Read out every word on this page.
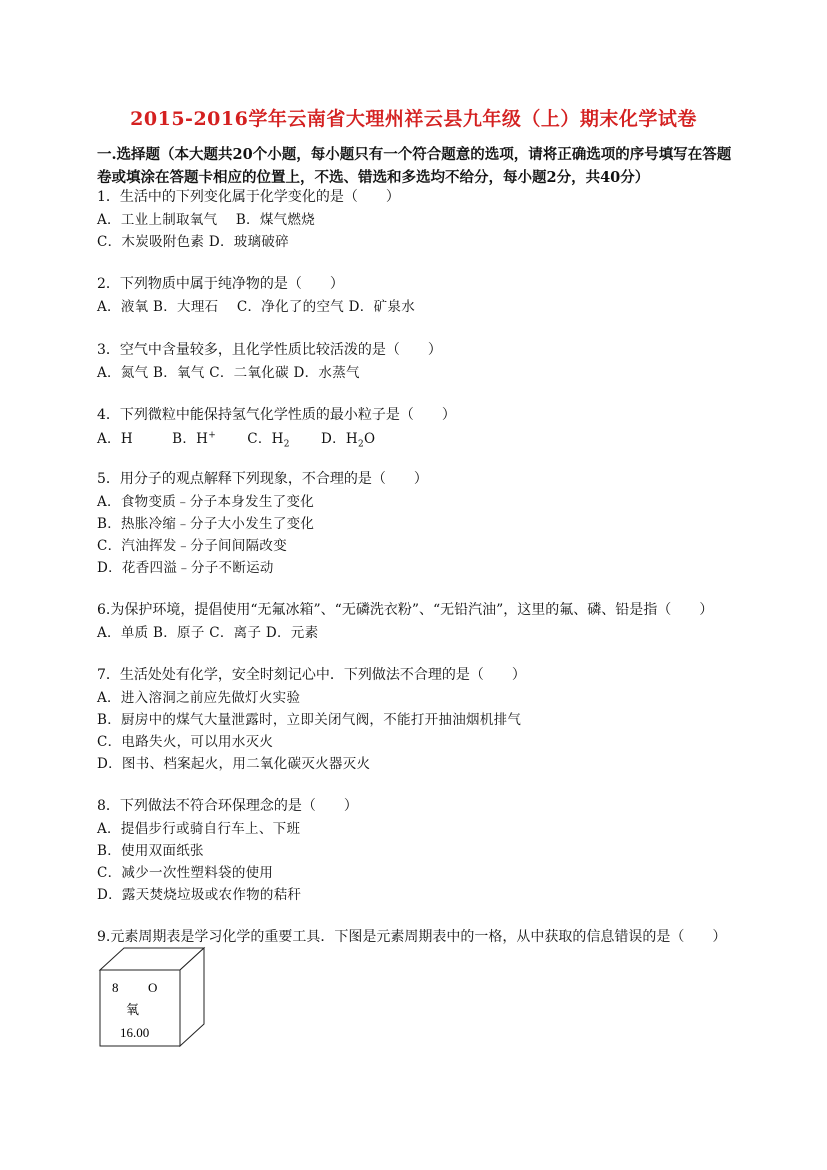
2015-2016学年云南省大理州祥云县九年级（上）期末化学试卷
一.选择题（本大题共20个小题，每小题只有一个符合题意的选项，请将正确选项的序号填写在答题卷或填涂在答题卡相应的位置上，不选、错选和多选均不给分，每小题2分，共40分）
1．生活中的下列变化属于化学变化的是（　　）
A．工业上制取氧气　 B．煤气燃烧
C．木炭吸附色素 D．玻璃破碎
2．下列物质中属于纯净物的是（　　）
A．液氧 B．大理石　 C．净化了的空气 D．矿泉水
3．空气中含量较多，且化学性质比较活泼的是（　　）
A．氮气 B．氧气 C．二氧化碳 D．水蒸气
4．下列微粒中能保持氢气化学性质的最小粒子是（　　）
A．H	B．H+ C．$H_2$ D．$H_2O$
5．用分子的观点解释下列现象，不合理的是（　　）
A．食物变质﹣分子本身发生了变化
B．热胀冷缩﹣分子大小发生了变化
C．汽油挥发﹣分子间间隔改变
D．花香四溢﹣分子不断运动
6.为保护环境，提倡使用“无氟冰箱”、“无磷洗衣粉”、“无铅汽油”，这里的氟、磷、铅是指（　　）
A．单质 B．原子 C．离子 D．元素
7．生活处处有化学，安全时刻记心中．下列做法不合理的是（　　）
A．进入溶洞之前应先做灯火实验
B．厨房中的煤气大量泄露时，立即关闭气阀，不能打开抽油烟机排气
C．电路失火，可以用水灭火
D．图书、档案起火，用二氧化碳灭火器灭火
8．下列做法不符合环保理念的是（　　）
A．提倡步行或骑自行车上、下班
B．使用双面纸张
C．减少一次性塑料袋的使用
D．露天焚烧垃圾或农作物的秸秆
9.元素周期表是学习化学的重要工具．下图是元素周期表中的一格，从中获取的信息错误的是（　　）
8 O
氧
16.00
